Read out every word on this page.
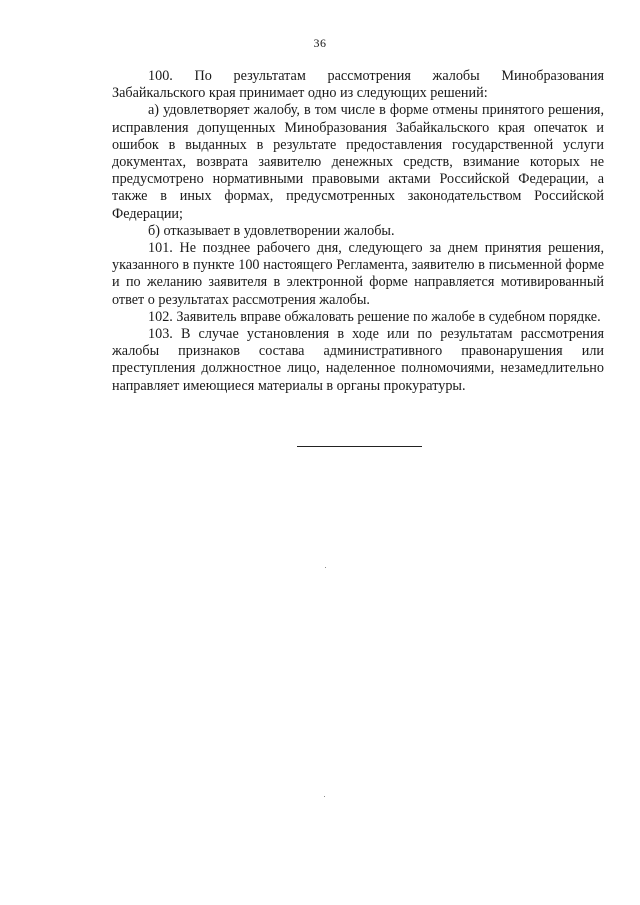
36

100. По результатам рассмотрения жалобы Минобразования Забайкальского края принимает одно из следующих решений:

а) удовлетворяет жалобу, в том числе в форме отмены принятого решения, исправления допущенных Минобразования Забайкальского края опечаток и ошибок в выданных в результате предоставления государственной услуги документах, возврата заявителю денежных средств, взимание которых не предусмотрено нормативными правовыми актами Российской Федерации, а также в иных формах, предусмотренных законодательством Российской Федерации;

б) отказывает в удовлетворении жалобы.

101. Не позднее рабочего дня, следующего за днем принятия решения, указанного в пункте 100 настоящего Регламента, заявителю в письменной форме и по желанию заявителя в электронной форме направляется мотивированный ответ о результатах рассмотрения жалобы.

102. Заявитель вправе обжаловать решение по жалобе в судебном порядке.

103. В случае установления в ходе или по результатам рассмотрения жалобы признаков состава административного правонарушения или преступления должностное лицо, наделенное полномочиями, незамедлительно направляет имеющиеся материалы в органы прокуратуры.
